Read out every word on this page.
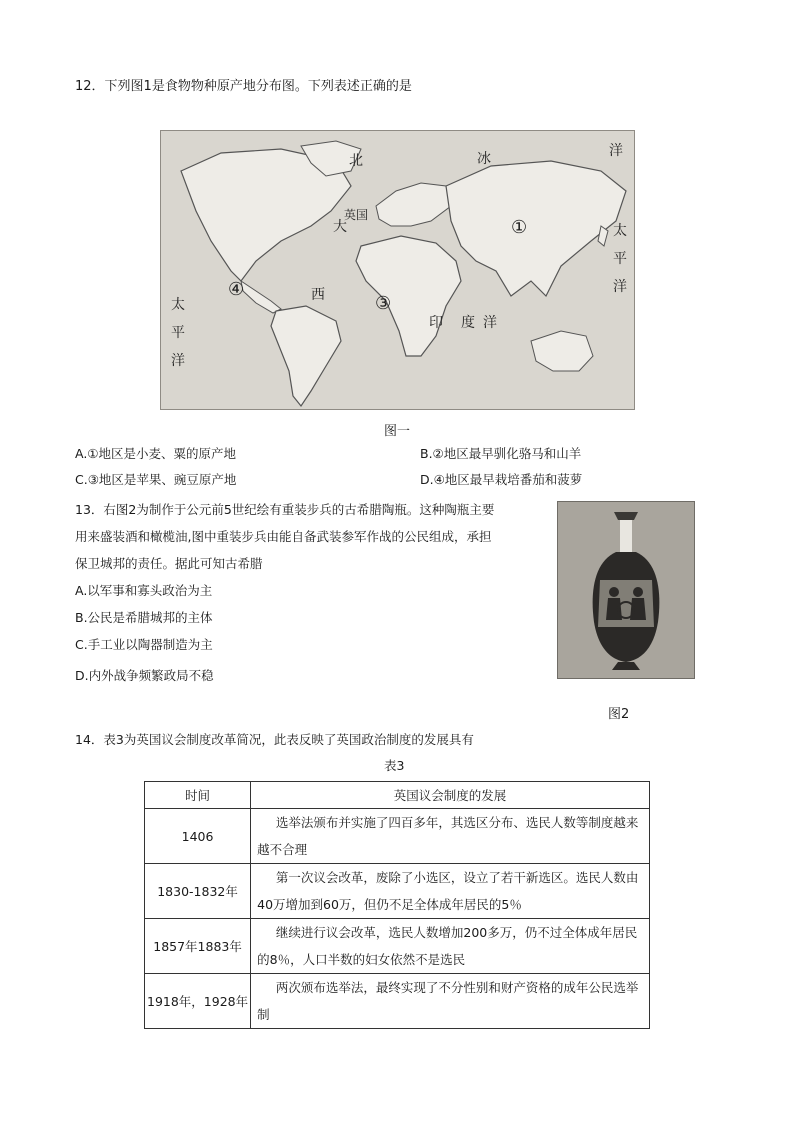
12．下列图1是食物物种原产地分布图。下列表述正确的是
北	冰	洋
大
英国
西
印 度 洋
太
平
洋
太
平
洋
①
③
④
图一
A.①地区是小麦、粟的原产地	B.②地区最早驯化骆马和山羊
C.③地区是苹果、豌豆原产地	D.④地区最早栽培番茄和菠萝
13．右图2为制作于公元前5世纪绘有重装步兵的古希腊陶瓶。这种陶瓶主要
用来盛装酒和橄榄油,图中重装步兵由能自备武装参军作战的公民组成，承担
保卫城邦的责任。据此可知古希腊
A.以军事和寡头政治为主
B.公民是希腊城邦的主体
C.手工业以陶器制造为主
D.内外战争频繁政局不稳
图2
14．表3为英国议会制度改革简况，此表反映了英国政治制度的发展具有
表3
时间	英国议会制度的发展
1406	选举法颁布并实施了四百多年，其选区分布、选民人数等制度越来越不合理
1830-1832年	第一次议会改革，废除了小选区，设立了若干新选区。选民人数由40万增加到60万，但仍不足全体成年居民的5％
1857年1883年	继续进行议会改革，选民人数增加200多万，仍不过全体成年居民的8％，人口半数的妇女依然不是选民
1918年，1928年	两次颁布选举法，最终实现了不分性别和财产资格的成年公民选举制
